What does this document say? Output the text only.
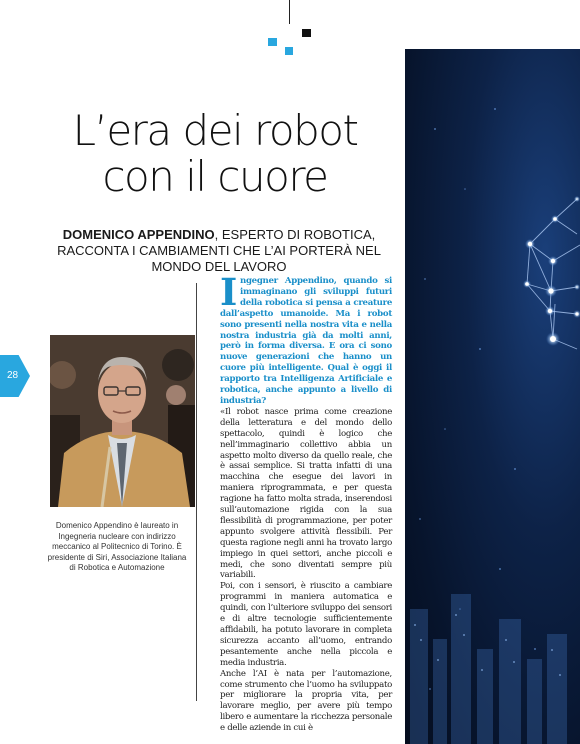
L’era dei robot
con il cuore

DOMENICO APPENDINO, ESPERTO DI ROBOTICA, RACCONTA I CAMBIAMENTI CHE L’AI PORTERÀ NEL MONDO DEL LAVORO

28

Domenico Appendino è laureato in Ingegneria nucleare con indirizzo meccanico al Politecnico di Torino. È presidente di Siri, Associazione Italiana di Robotica e Automazione

Ingegner Appendino, quando si immaginano gli sviluppi futuri della robotica si pensa a creature dall’aspetto umanoide. Ma i robot sono presenti nella nostra vita e nella nostra industria già da molti anni, però in forma diversa. E ora ci sono nuove generazioni che hanno un cuore più intelligente. Qual è oggi il rapporto tra Intelligenza Artificiale e robotica, anche appunto a livello di industria?

«Il robot nasce prima come creazione della letteratura e del mondo dello spettacolo, quindi è logico che nell’immaginario collettivo abbia un aspetto molto diverso da quello reale, che è assai semplice. Si tratta infatti di una macchina che esegue dei lavori in maniera riprogrammata, e per questa ragione ha fatto molta strada, inserendosi sull’automazione rigida con la sua flessibilità di programmazione, per poter appunto svolgere attività flessibili. Per questa ragione negli anni ha trovato largo impiego in quei settori, anche piccoli e medi, che sono diventati sempre più variabili.

Poi, con i sensori, è riuscito a cambiare programmi in maniera automatica e quindi, con l’ulteriore sviluppo dei sensori e di altre tecnologie sufficientemente affidabili, ha potuto lavorare in completa sicurezza accanto all’uomo, entrando pesantemente anche nella piccola e media industria.

Anche l’AI è nata per l’automazione, come strumento che l’uomo ha sviluppato per migliorare la propria vita, per lavorare meglio, per avere più tempo libero e aumentare la ricchezza personale e delle aziende in cui è
